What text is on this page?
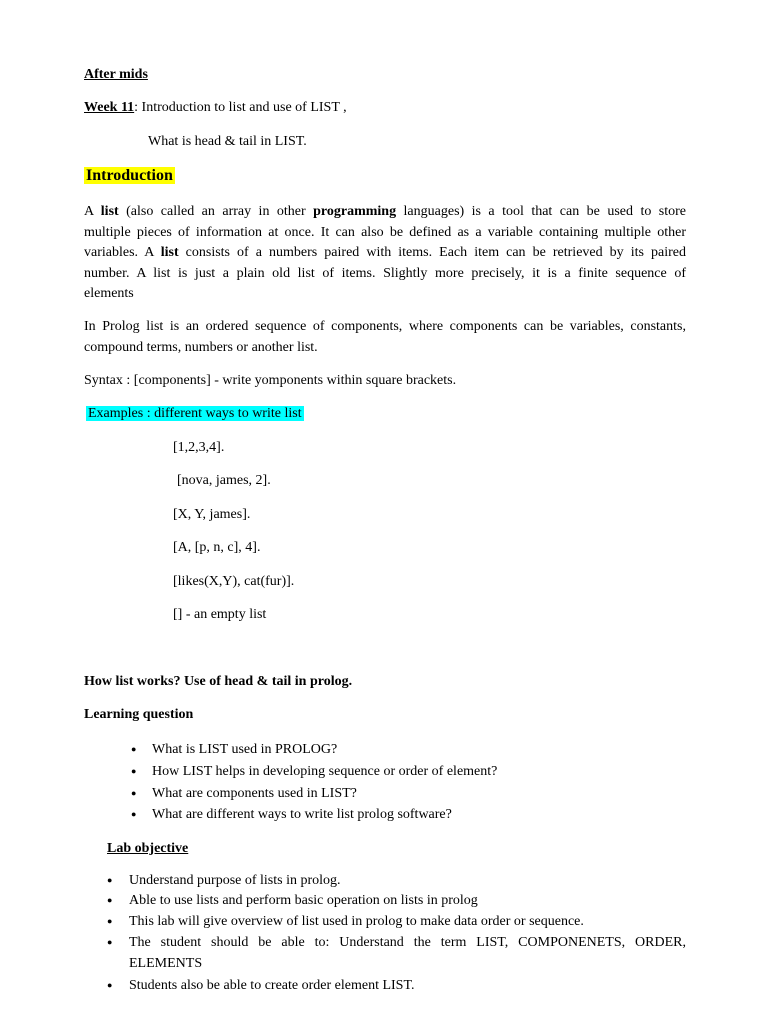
After mids
Week 11: Introduction to list and use of LIST ,
What is head & tail in LIST.
Introduction
A list (also called an array in other programming languages) is a tool that can be used to store
multiple pieces of information at once. It can also be defined as a variable containing multiple other
variables. A list consists of a numbers paired with items. Each item can be retrieved by its paired
number. A list is just a plain old list of items. Slightly more precisely, it is a finite sequence of
elements
In Prolog list is an ordered sequence of components, where components can be variables, constants,
compound terms, numbers or another list.
Syntax : [components] - write yomponents within square brackets.
Examples : different ways to write list
[1,2,3,4].
[nova, james, 2].
[X, Y, james].
[A, [p, n, c], 4].
[likes(X,Y), cat(fur)].
[] - an empty list
How list works? Use of head & tail in prolog.
Learning question
● What is LIST used in PROLOG?
● How LIST helps in developing sequence or order of element?
● What are components used in LIST?
● What are different ways to write list prolog software?
Lab objective
● Understand purpose of lists in prolog.
● Able to use lists and perform basic operation on lists in prolog
● This lab will give overview of list used in prolog to make data order or sequence.
● The student should be able to: Understand the term LIST, COMPONENETS, ORDER,
ELEMENTS
● Students also be able to create order element LIST.
